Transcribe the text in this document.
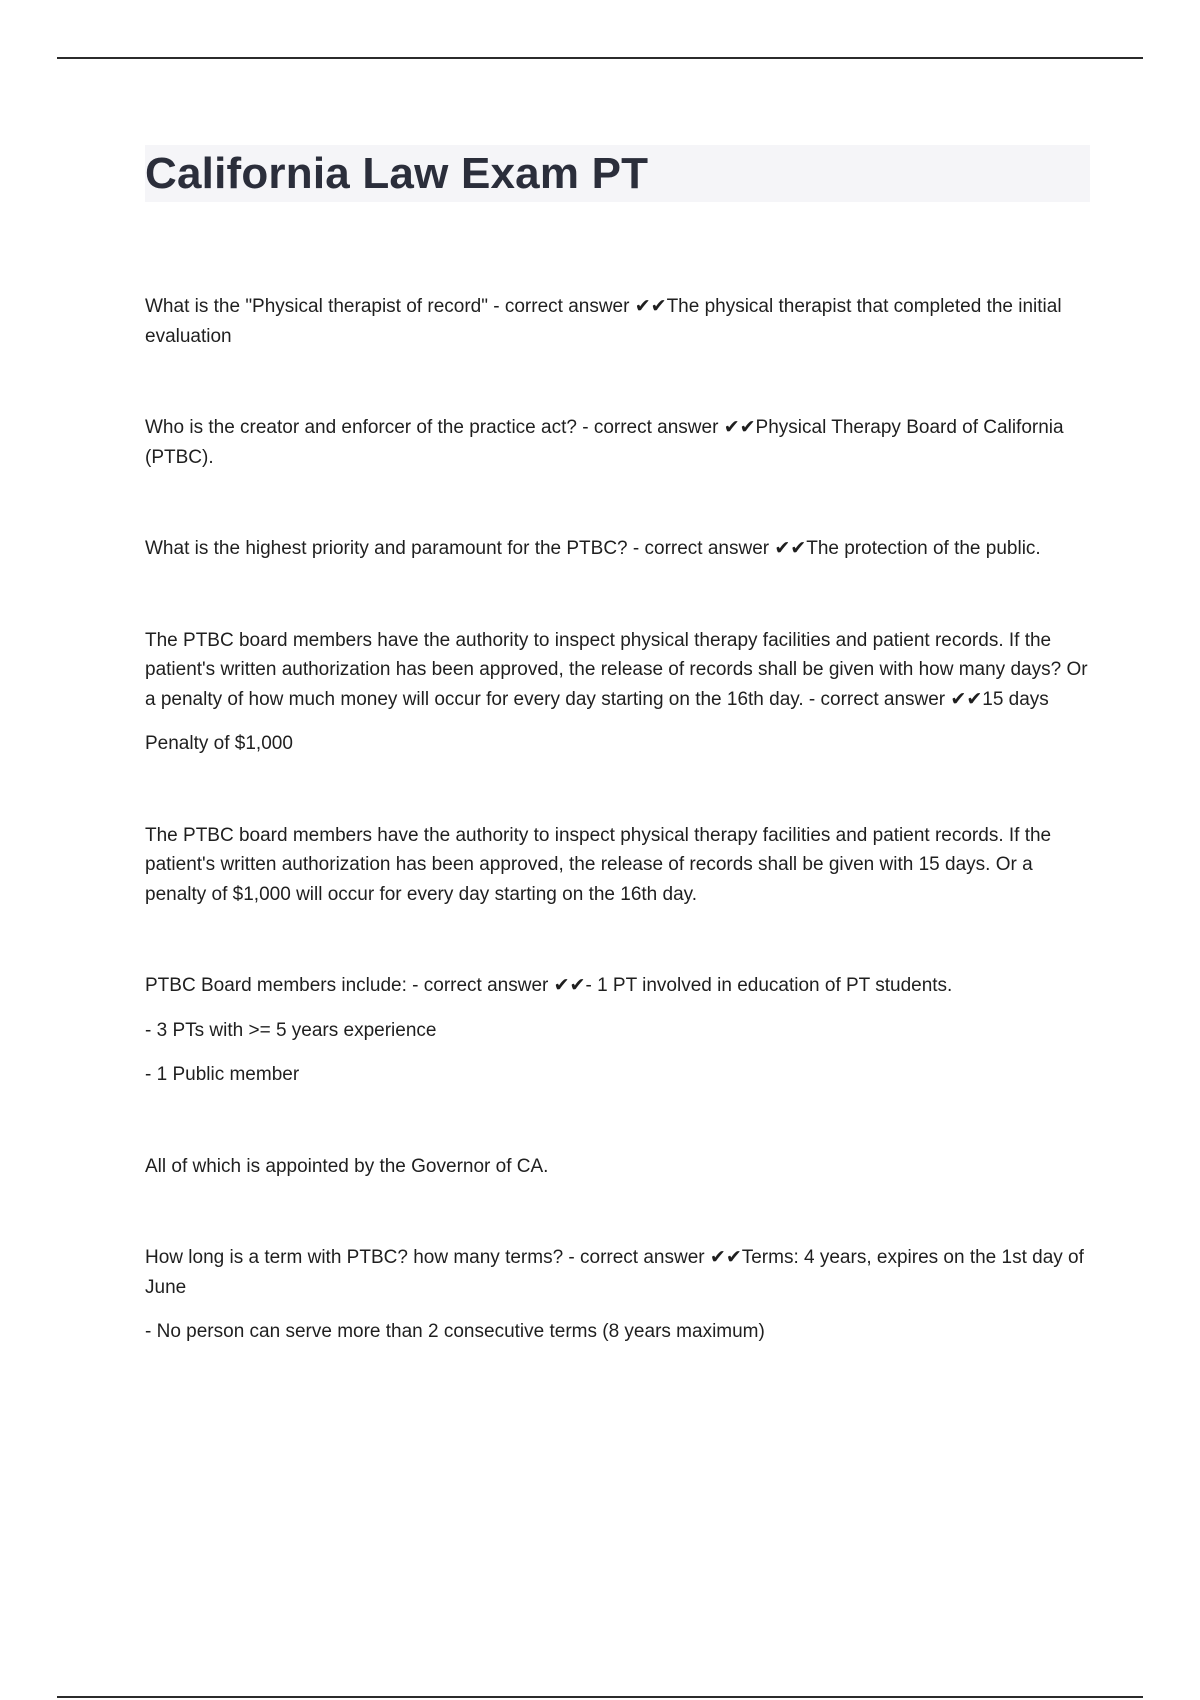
California Law Exam PT

What is the "Physical therapist of record" - correct answer ✔✔The physical therapist that completed the initial evaluation

Who is the creator and enforcer of the practice act? - correct answer ✔✔Physical Therapy Board of California (PTBC).

What is the highest priority and paramount for the PTBC? - correct answer ✔✔The protection of the public.

The PTBC board members have the authority to inspect physical therapy facilities and patient records. If the patient's written authorization has been approved, the release of records shall be given with how many days? Or a penalty of how much money will occur for every day starting on the 16th day. - correct answer ✔✔15 days

Penalty of $1,000

The PTBC board members have the authority to inspect physical therapy facilities and patient records. If the patient's written authorization has been approved, the release of records shall be given with 15 days. Or a penalty of $1,000 will occur for every day starting on the 16th day.

PTBC Board members include: - correct answer ✔✔- 1 PT involved in education of PT students.

- 3 PTs with >= 5 years experience

- 1 Public member

All of which is appointed by the Governor of CA.

How long is a term with PTBC? how many terms? - correct answer ✔✔Terms: 4 years, expires on the 1st day of June

- No person can serve more than 2 consecutive terms (8 years maximum)
